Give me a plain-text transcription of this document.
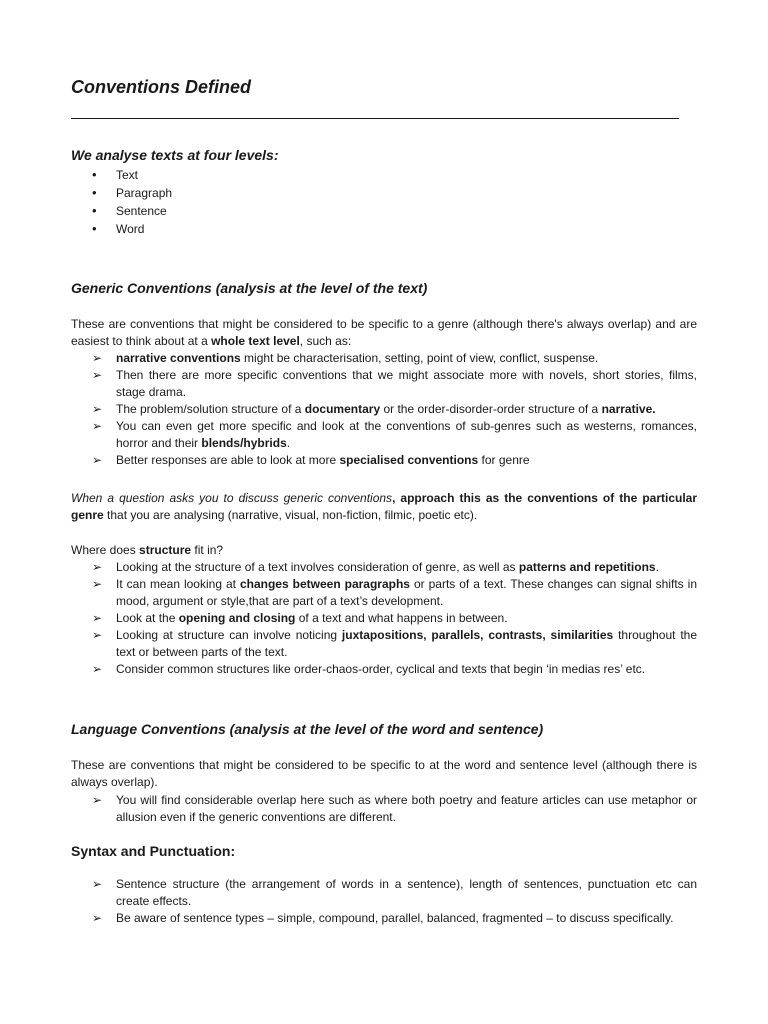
Conventions Defined
We analyse texts at four levels:
• Text
• Paragraph
• Sentence
• Word
Generic Conventions (analysis at the level of the text)

These are conventions that might be considered to be specific to a genre (although there's always overlap) and are easiest to think about at a whole text level, such as:

➢ narrative conventions might be characterisation, setting, point of view, conflict, suspense.
➢ Then there are more specific conventions that we might associate more with novels, short stories, films, stage drama.
➢ The problem/solution structure of a documentary or the order-disorder-order structure of a narrative.
➢ You can even get more specific and look at the conventions of sub-genres such as westerns, romances, horror and their blends/hybrids.
➢ Better responses are able to look at more specialised conventions for genre

When a question asks you to discuss generic conventions, approach this as the conventions of the particular genre that you are analysing (narrative, visual, non-fiction, filmic, poetic etc).

Where does structure fit in?

➢ Looking at the structure of a text involves consideration of genre, as well as patterns and repetitions.
➢ It can mean looking at changes between paragraphs or parts of a text. These changes can signal shifts in mood, argument or style,that are part of a text’s development.
➢ Look at the opening and closing of a text and what happens in between.
➢ Looking at structure can involve noticing juxtapositions, parallels, contrasts, similarities throughout the text or between parts of the text.
➢ Consider common structures like order-chaos-order, cyclical and texts that begin ‘in medias res’ etc.
Language Conventions (analysis at the level of the word and sentence)

These are conventions that might be considered to be specific to at the word and sentence level (although there is always overlap).

➢ You will find considerable overlap here such as where both poetry and feature articles can use metaphor or allusion even if the generic conventions are different.
Syntax and Punctuation:
➢ Sentence structure (the arrangement of words in a sentence), length of sentences, punctuation etc can create effects.
➢ Be aware of sentence types – simple, compound, parallel, balanced, fragmented – to discuss specifically.
